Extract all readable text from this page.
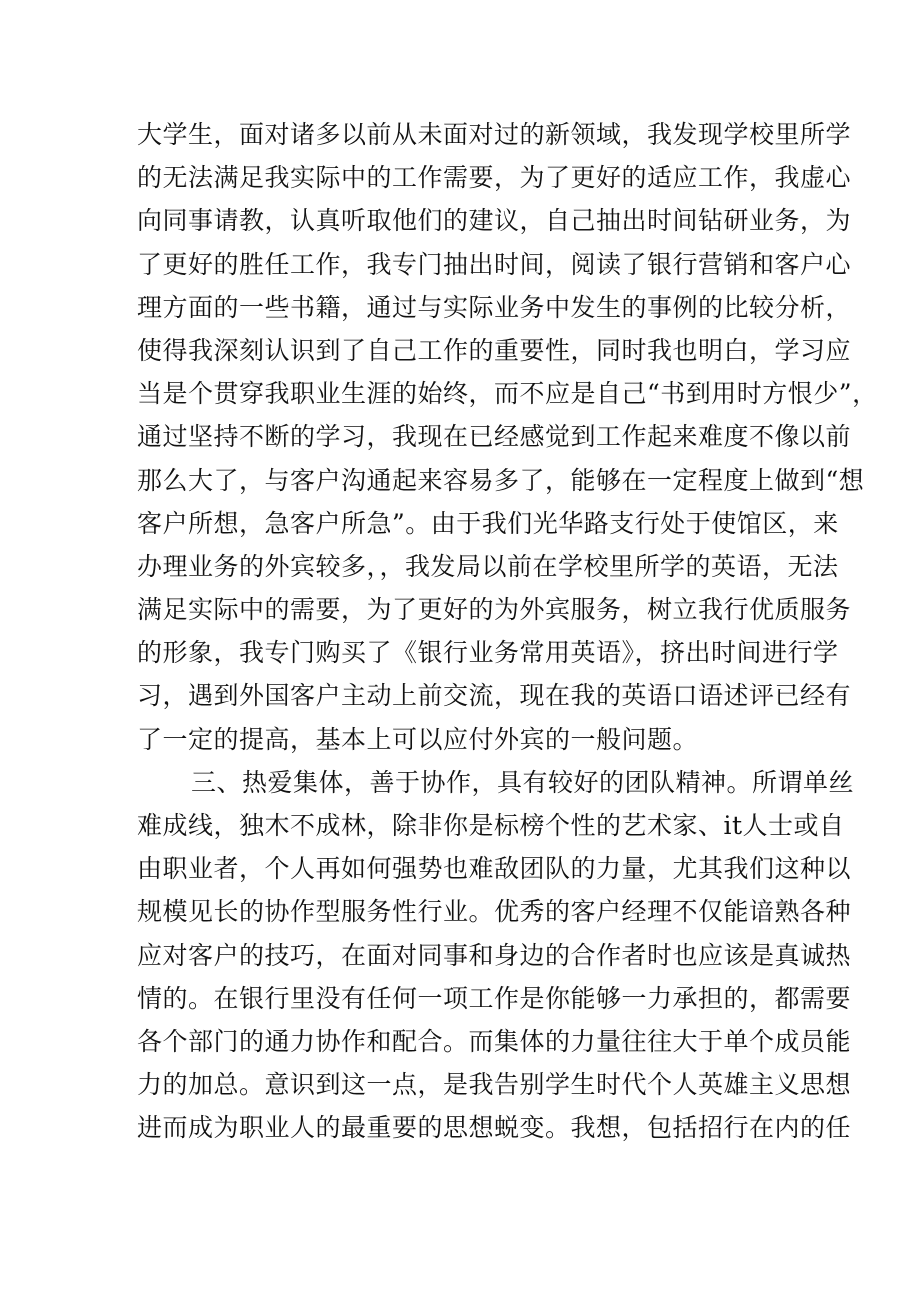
大学生，面对诸多以前从未面对过的新领域，我发现学校里所学
的无法满足我实际中的工作需要，为了更好的适应工作，我虚心
向同事请教，认真听取他们的建议，自己抽出时间钻研业务，为
了更好的胜任工作，我专门抽出时间，阅读了银行营销和客户心
理方面的一些书籍，通过与实际业务中发生的事例的比较分析，
使得我深刻认识到了自己工作的重要性，同时我也明白，学习应
当是个贯穿我职业生涯的始终，而不应是自己“书到用时方恨少”，
通过坚持不断的学习，我现在已经感觉到工作起来难度不像以前
那么大了，与客户沟通起来容易多了，能够在一定程度上做到“想
客户所想，急客户所急”。由于我们光华路支行处于使馆区，来
办理业务的外宾较多，，我发局以前在学校里所学的英语，无法
满足实际中的需要，为了更好的为外宾服务，树立我行优质服务
的形象，我专门购买了《银行业务常用英语》，挤出时间进行学
习，遇到外国客户主动上前交流，现在我的英语口语述评已经有
了一定的提高，基本上可以应付外宾的一般问题。
三、热爱集体，善于协作，具有较好的团队精神。所谓单丝
难成线，独木不成林，除非你是标榜个性的艺术家、it人士或自
由职业者，个人再如何强势也难敌团队的力量，尤其我们这种以
规模见长的协作型服务性行业。优秀的客户经理不仅能谙熟各种
应对客户的技巧，在面对同事和身边的合作者时也应该是真诚热
情的。在银行里没有任何一项工作是你能够一力承担的，都需要
各个部门的通力协作和配合。而集体的力量往往大于单个成员能
力的加总。意识到这一点，是我告别学生时代个人英雄主义思想
进而成为职业人的最重要的思想蜕变。我想，包括招行在内的任
